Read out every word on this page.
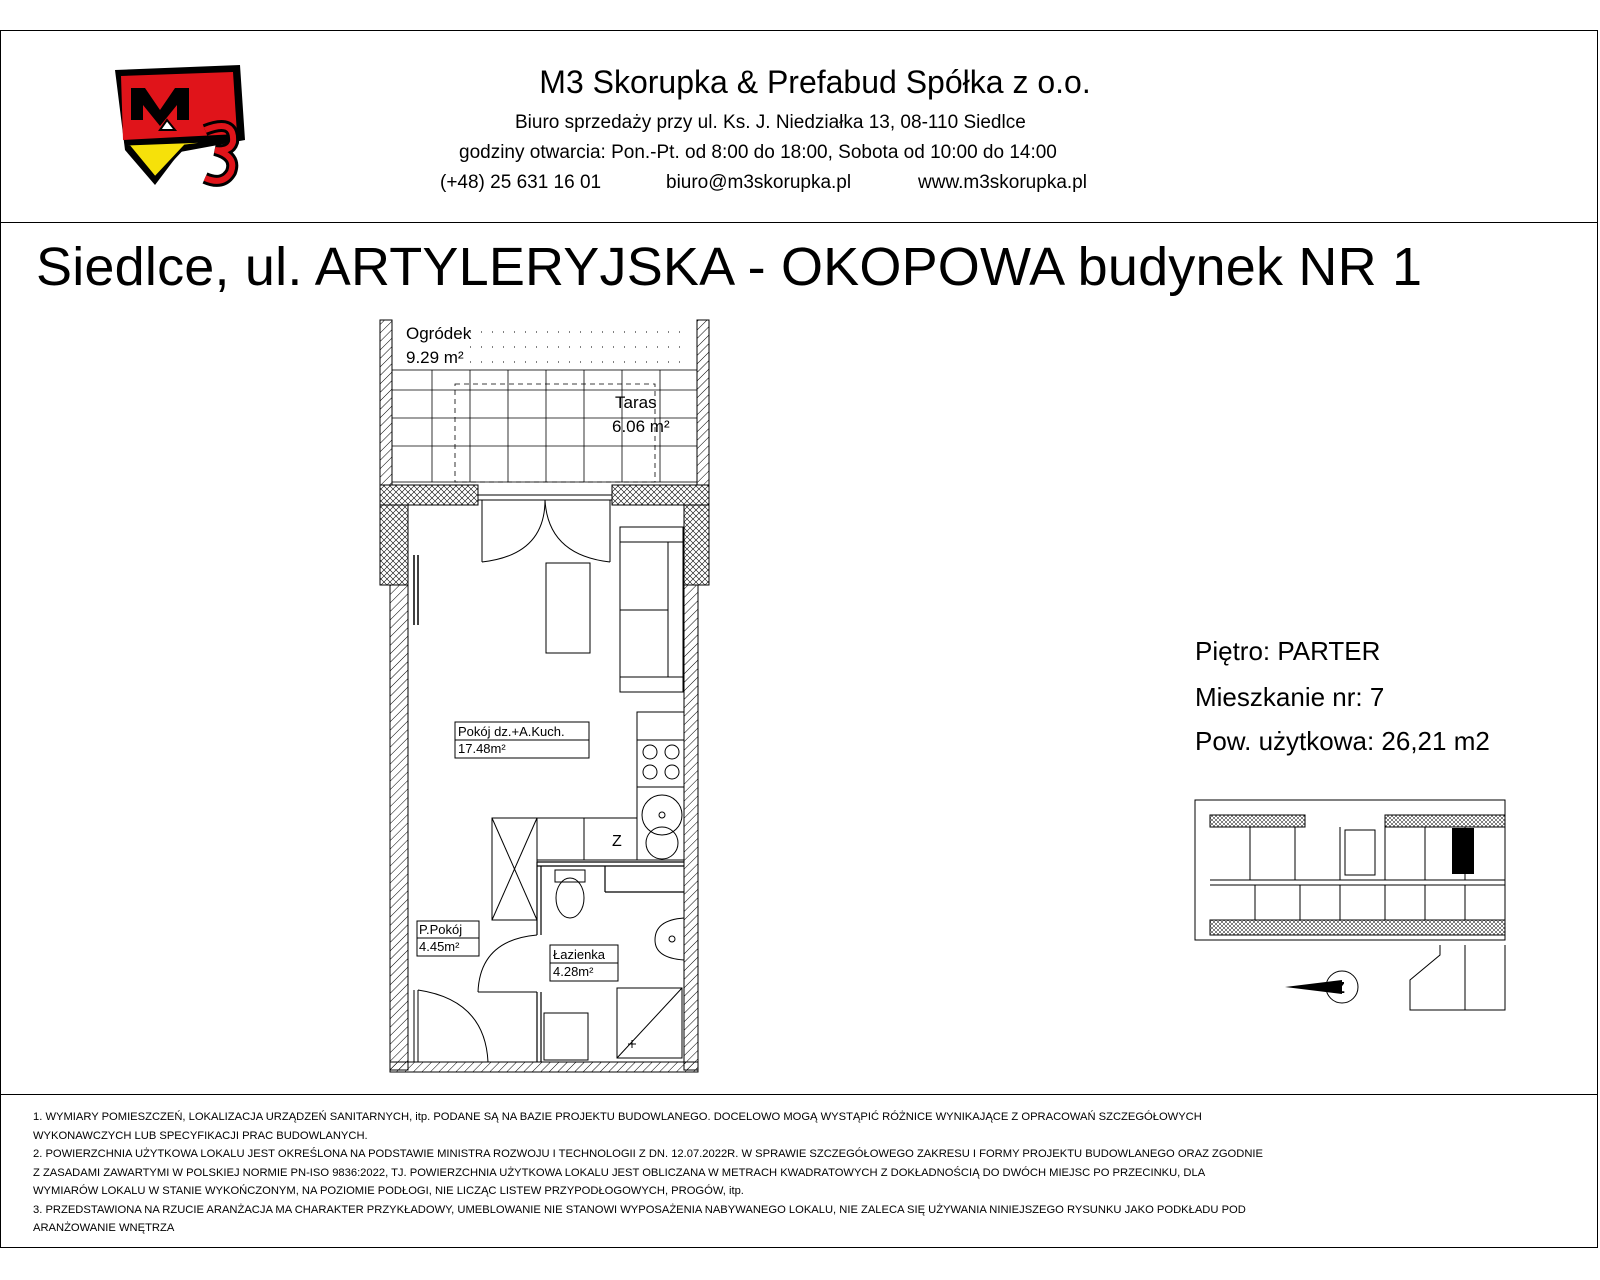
M3 Skorupka & Prefabud Spółka z o.o.
Biuro sprzedaży przy ul. Ks. J. Niedziałka 13, 08-110 Siedlce
godziny otwarcia: Pon.-Pt. od 8:00 do 18:00, Sobota od 10:00 do 14:00
(+48) 25 631 16 01	biuro@m3skorupka.pl	www.m3skorupka.pl
Siedlce, ul. ARTYLERYJSKA - OKOPOWA budynek NR 1
Ogródek
9.29 m²
Taras
6.06 m²
Pokój dz.+A.Kuch.
17.48m²
Z
Łazienka
4.28m²
P.Pokój
4.45m²
Piętro: PARTER
Mieszkanie nr: 7
Pow. użytkowa: 26,21 m2
Z
1. WYMIARY POMIESZCZEŃ, LOKALIZACJA URZĄDZEŃ SANITARNYCH, itp. PODANE SĄ NA BAZIE PROJEKTU BUDOWLANEGO. DOCELOWO MOGĄ WYSTĄPIĆ RÓŻNICE WYNIKAJĄCE Z OPRACOWAŃ SZCZEGÓŁOWYCH
WYKONAWCZYCH LUB SPECYFIKACJI PRAC BUDOWLANYCH.
2. POWIERZCHNIA UŻYTKOWA LOKALU JEST OKREŚLONA NA PODSTAWIE MINISTRA ROZWOJU I TECHNOLOGII Z DN. 12.07.2022R. W SPRAWIE SZCZEGÓŁOWEGO ZAKRESU I FORMY PROJEKTU BUDOWLANEGO ORAZ ZGODNIE
Z ZASADAMI ZAWARTYMI W POLSKIEJ NORMIE PN-ISO 9836:2022, TJ. POWIERZCHNIA UŻYTKOWA LOKALU JEST OBLICZANA W METRACH KWADRATOWYCH Z DOKŁADNOŚCIĄ DO DWÓCH MIEJSC PO PRZECINKU, DLA
WYMIARÓW LOKALU W STANIE WYKOŃCZONYM, NA POZIOMIE PODŁOGI, NIE LICZĄC LISTEW PRZYPODŁOGOWYCH, PROGÓW, itp.
3. PRZEDSTAWIONA NA RZUCIE ARANŻACJA MA CHARAKTER PRZYKŁADOWY, UMEBLOWANIE NIE STANOWI WYPOSAŻENIA NABYWANEGO LOKALU, NIE ZALECA SIĘ UŻYWANIA NINIEJSZEGO RYSUNKU JAKO PODKŁADU POD
ARANŻOWANIE WNĘTRZA
